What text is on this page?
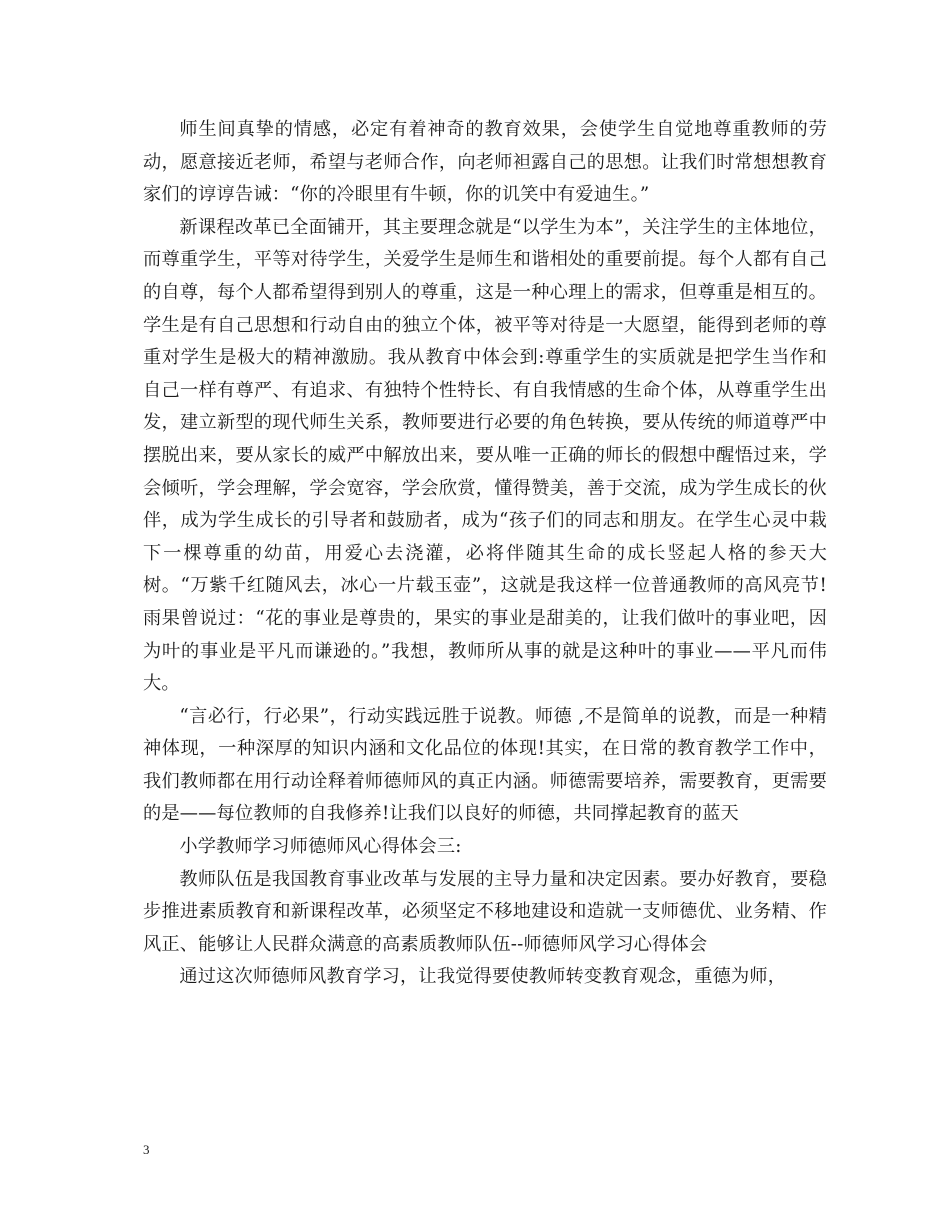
师生间真挚的情感，必定有着神奇的教育效果，会使学生自觉地尊重教师的劳动，愿意接近老师，希望与老师合作，向老师袒露自己的思想。让我们时常想想教育家们的谆谆告诫：“你的冷眼里有牛顿，你的讥笑中有爱迪生。”

新课程改革已全面铺开，其主要理念就是“以学生为本”，关注学生的主体地位，而尊重学生，平等对待学生，关爱学生是师生和谐相处的重要前提。每个人都有自己的自尊，每个人都希望得到别人的尊重，这是一种心理上的需求，但尊重是相互的。学生是有自己思想和行动自由的独立个体，被平等对待是一大愿望，能得到老师的尊重对学生是极大的精神激励。我从教育中体会到:尊重学生的实质就是把学生当作和自己一样有尊严、有追求、有独特个性特长、有自我情感的生命个体，从尊重学生出发，建立新型的现代师生关系，教师要进行必要的角色转换，要从传统的师道尊严中摆脱出来，要从家长的威严中解放出来，要从唯一正确的师长的假想中醒悟过来，学会倾听，学会理解，学会宽容，学会欣赏，懂得赞美，善于交流，成为学生成长的伙伴，成为学生成长的引导者和鼓励者，成为“孩子们的同志和朋友。在学生心灵中栽下一棵尊重的幼苗，用爱心去浇灌，必将伴随其生命的成长竖起人格的参天大树。“万紫千红随风去，冰心一片载玉壶”，这就是我这样一位普通教师的高风亮节!雨果曾说过：“花的事业是尊贵的，果实的事业是甜美的，让我们做叶的事业吧，因为叶的事业是平凡而谦逊的。”我想，教师所从事的就是这种叶的事业——平凡而伟大。

“言必行，行必果”，行动实践远胜于说教。师德 ,不是简单的说教，而是一种精神体现，一种深厚的知识内涵和文化品位的体现!其实，在日常的教育教学工作中，我们教师都在用行动诠释着师德师风的真正内涵。师德需要培养，需要教育，更需要的是——每位教师的自我修养!让我们以良好的师德，共同撑起教育的蓝天

小学教师学习师德师风心得体会三:

教师队伍是我国教育事业改革与发展的主导力量和决定因素。要办好教育，要稳步推进素质教育和新课程改革，必须坚定不移地建设和造就一支师德优、业务精、作风正、能够让人民群众满意的高素质教师队伍--师德师风学习心得体会

通过这次师德师风教育学习，让我觉得要使教师转变教育观念，重德为师，

3
